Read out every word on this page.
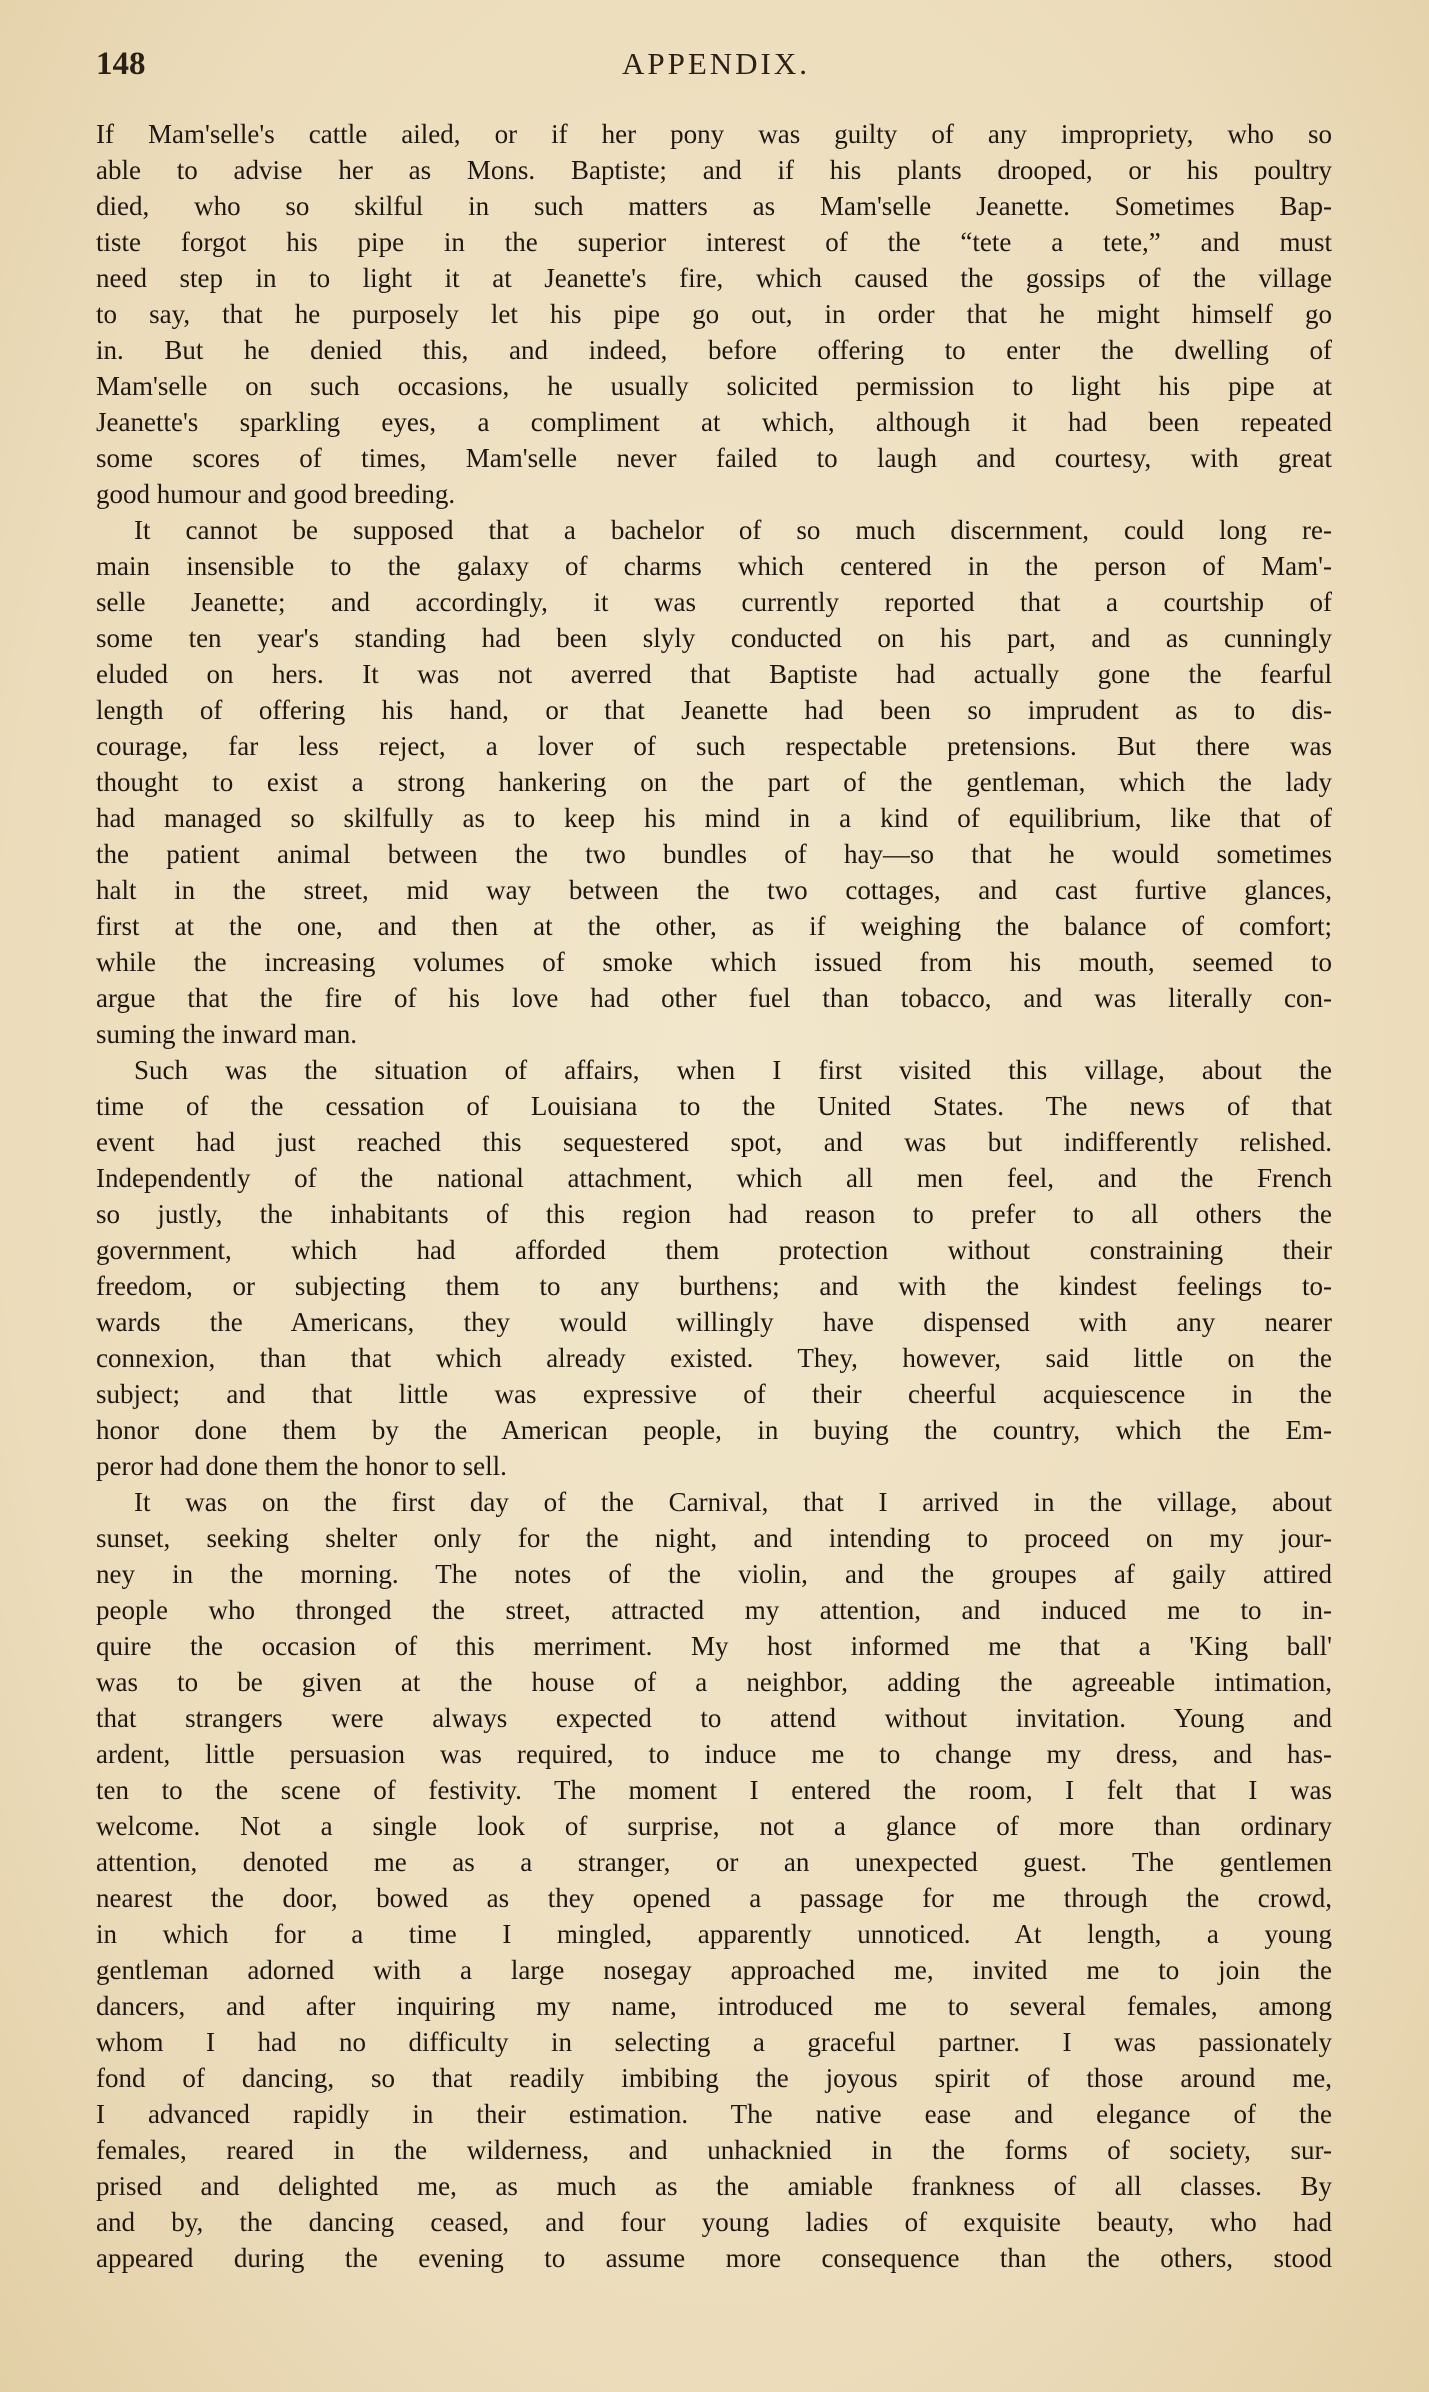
148	APPENDIX.
If Mam'selle's cattle ailed, or if her pony was guilty of any impropriety, who so
able to advise her as Mons. Baptiste; and if his plants drooped, or his poultry
died, who so skilful in such matters as Mam'selle Jeanette. Sometimes Bap-
tiste forgot his pipe in the superior interest of the “tete a tete,” and must
need step in to light it at Jeanette's fire, which caused the gossips of the village
to say, that he purposely let his pipe go out, in order that he might himself go
in. But he denied this, and indeed, before offering to enter the dwelling of
Mam'selle on such occasions, he usually solicited permission to light his pipe at
Jeanette's sparkling eyes, a compliment at which, although it had been repeated
some scores of times, Mam'selle never failed to laugh and courtesy, with great
good humour and good breeding.
It cannot be supposed that a bachelor of so much discernment, could long re-
main insensible to the galaxy of charms which centered in the person of Mam'-
selle Jeanette; and accordingly, it was currently reported that a courtship of
some ten year's standing had been slyly conducted on his part, and as cunningly
eluded on hers. It was not averred that Baptiste had actually gone the fearful
length of offering his hand, or that Jeanette had been so imprudent as to dis-
courage, far less reject, a lover of such respectable pretensions. But there was
thought to exist a strong hankering on the part of the gentleman, which the lady
had managed so skilfully as to keep his mind in a kind of equilibrium, like that of
the patient animal between the two bundles of hay—so that he would sometimes
halt in the street, mid way between the two cottages, and cast furtive glances,
first at the one, and then at the other, as if weighing the balance of comfort;
while the increasing volumes of smoke which issued from his mouth, seemed to
argue that the fire of his love had other fuel than tobacco, and was literally con-
suming the inward man.
Such was the situation of affairs, when I first visited this village, about the
time of the cessation of Louisiana to the United States. The news of that
event had just reached this sequestered spot, and was but indifferently relished.
Independently of the national attachment, which all men feel, and the French
so justly, the inhabitants of this region had reason to prefer to all others the
government, which had afforded them protection without constraining their
freedom, or subjecting them to any burthens; and with the kindest feelings to-
wards the Americans, they would willingly have dispensed with any nearer
connexion, than that which already existed. They, however, said little on the
subject; and that little was expressive of their cheerful acquiescence in the
honor done them by the American people, in buying the country, which the Em-
peror had done them the honor to sell.
It was on the first day of the Carnival, that I arrived in the village, about
sunset, seeking shelter only for the night, and intending to proceed on my jour-
ney in the morning. The notes of the violin, and the groupes af gaily attired
people who thronged the street, attracted my attention, and induced me to in-
quire the occasion of this merriment. My host informed me that a 'King ball'
was to be given at the house of a neighbor, adding the agreeable intimation,
that strangers were always expected to attend without invitation. Young and
ardent, little persuasion was required, to induce me to change my dress, and has-
ten to the scene of festivity. The moment I entered the room, I felt that I was
welcome. Not a single look of surprise, not a glance of more than ordinary
attention, denoted me as a stranger, or an unexpected guest. The gentlemen
nearest the door, bowed as they opened a passage for me through the crowd,
in which for a time I mingled, apparently unnoticed. At length, a young
gentleman adorned with a large nosegay approached me, invited me to join the
dancers, and after inquiring my name, introduced me to several females, among
whom I had no difficulty in selecting a graceful partner. I was passionately
fond of dancing, so that readily imbibing the joyous spirit of those around me,
I advanced rapidly in their estimation. The native ease and elegance of the
females, reared in the wilderness, and unhacknied in the forms of society, sur-
prised and delighted me, as much as the amiable frankness of all classes. By
and by, the dancing ceased, and four young ladies of exquisite beauty, who had
appeared during the evening to assume more consequence than the others, stood
